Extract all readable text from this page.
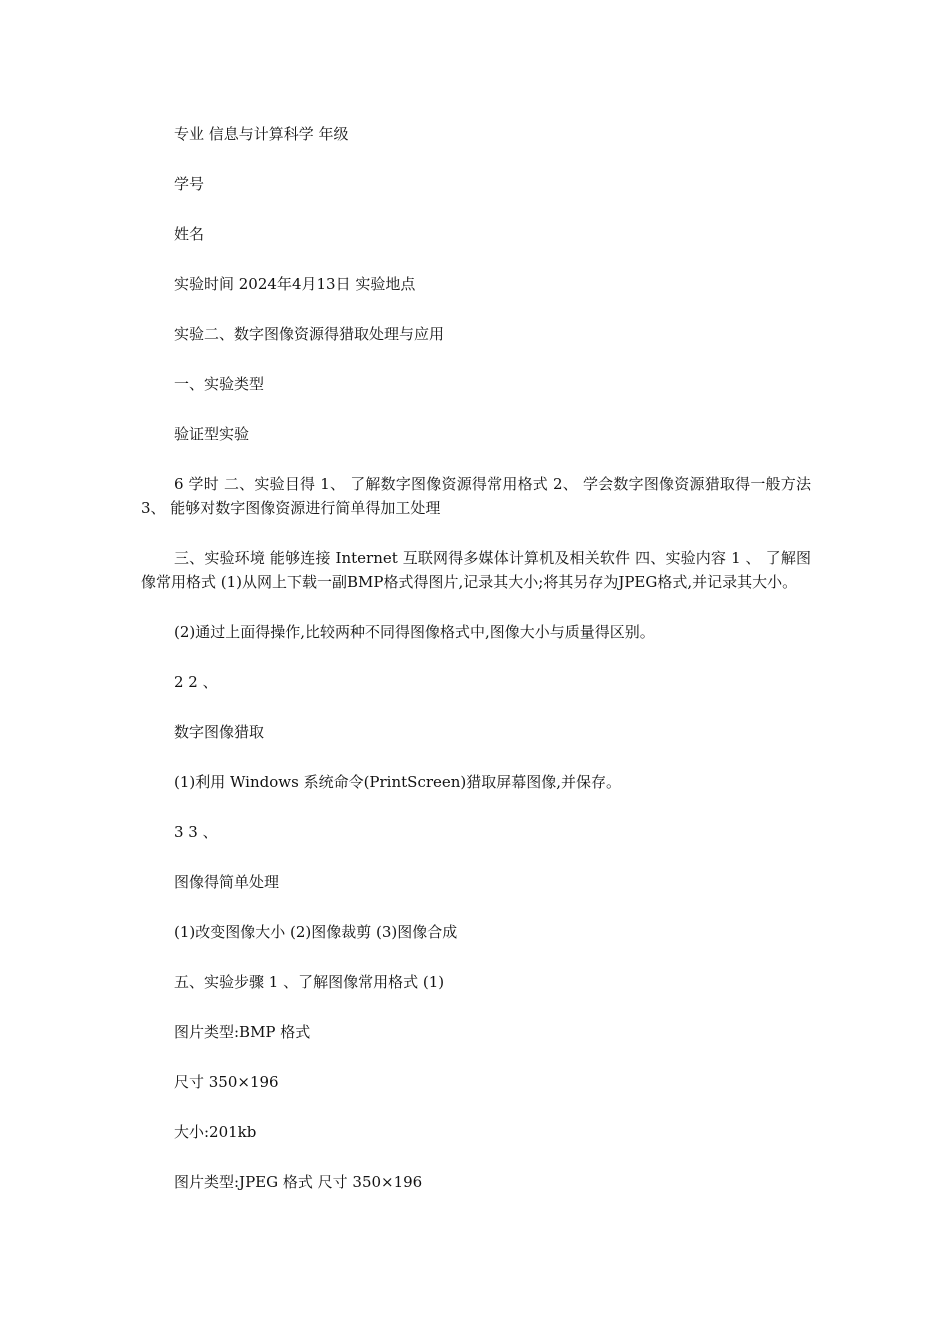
专业 信息与计算科学 年级

学号

姓名

实验时间 2024年4月13日 实验地点

实验二、数字图像资源得猎取处理与应用

一、实验类型

验证型实验

6 学时 二、实验目得 1、 了解数字图像资源得常用格式 2、 学会数字图像资源猎取得一般方法 3、 能够对数字图像资源进行简单得加工处理

三、实验环境 能够连接 Internet 互联网得多媒体计算机及相关软件 四、实验内容 1 、 了解图像常用格式 (1)从网上下载一副BMP格式得图片,记录其大小;将其另存为JPEG格式,并记录其大小。

(2)通过上面得操作,比较两种不同得图像格式中,图像大小与质量得区别。

2 2 、

数字图像猎取

(1)利用 Windows 系统命令(PrintScreen)猎取屏幕图像,并保存。

3 3 、

图像得简单处理

(1)改变图像大小 (2)图像裁剪 (3)图像合成

五、实验步骤 1 、了解图像常用格式 (1)

图片类型:BMP 格式

尺寸 350×196

大小:201kb

图片类型:JPEG 格式 尺寸 350×196
